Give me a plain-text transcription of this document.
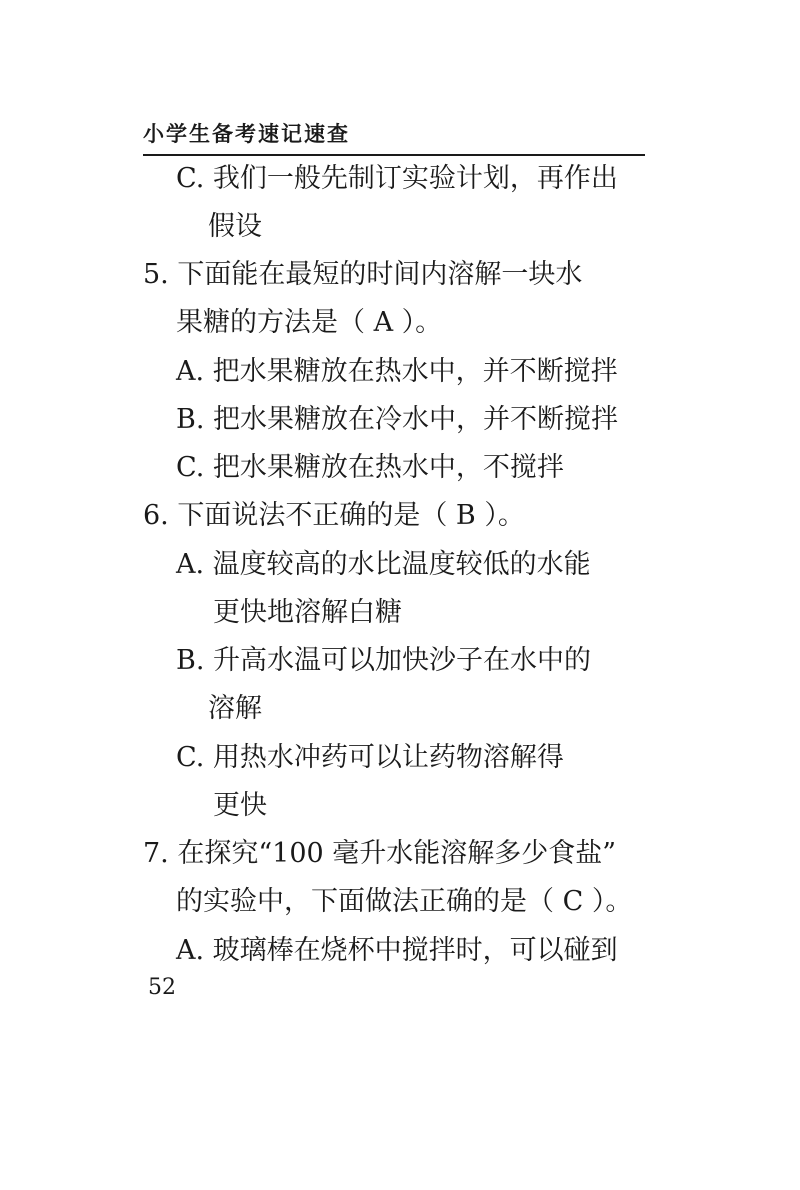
小学生备考速记速查
C. 我们一般先制订实验计划，再作出
假设
5. 下面能在最短的时间内溶解一块水
果糖的方法是（ A ）。
A. 把水果糖放在热水中，并不断搅拌
B. 把水果糖放在冷水中，并不断搅拌
C. 把水果糖放在热水中，不搅拌
6. 下面说法不正确的是（ B ）。
A. 温度较高的水比温度较低的水能
更快地溶解白糖
B. 升高水温可以加快沙子在水中的
溶解
C. 用热水冲药可以让药物溶解得
更快
7. 在探究“100 毫升水能溶解多少食盐”
的实验中，下面做法正确的是（ C ）。
A. 玻璃棒在烧杯中搅拌时，可以碰到
52
